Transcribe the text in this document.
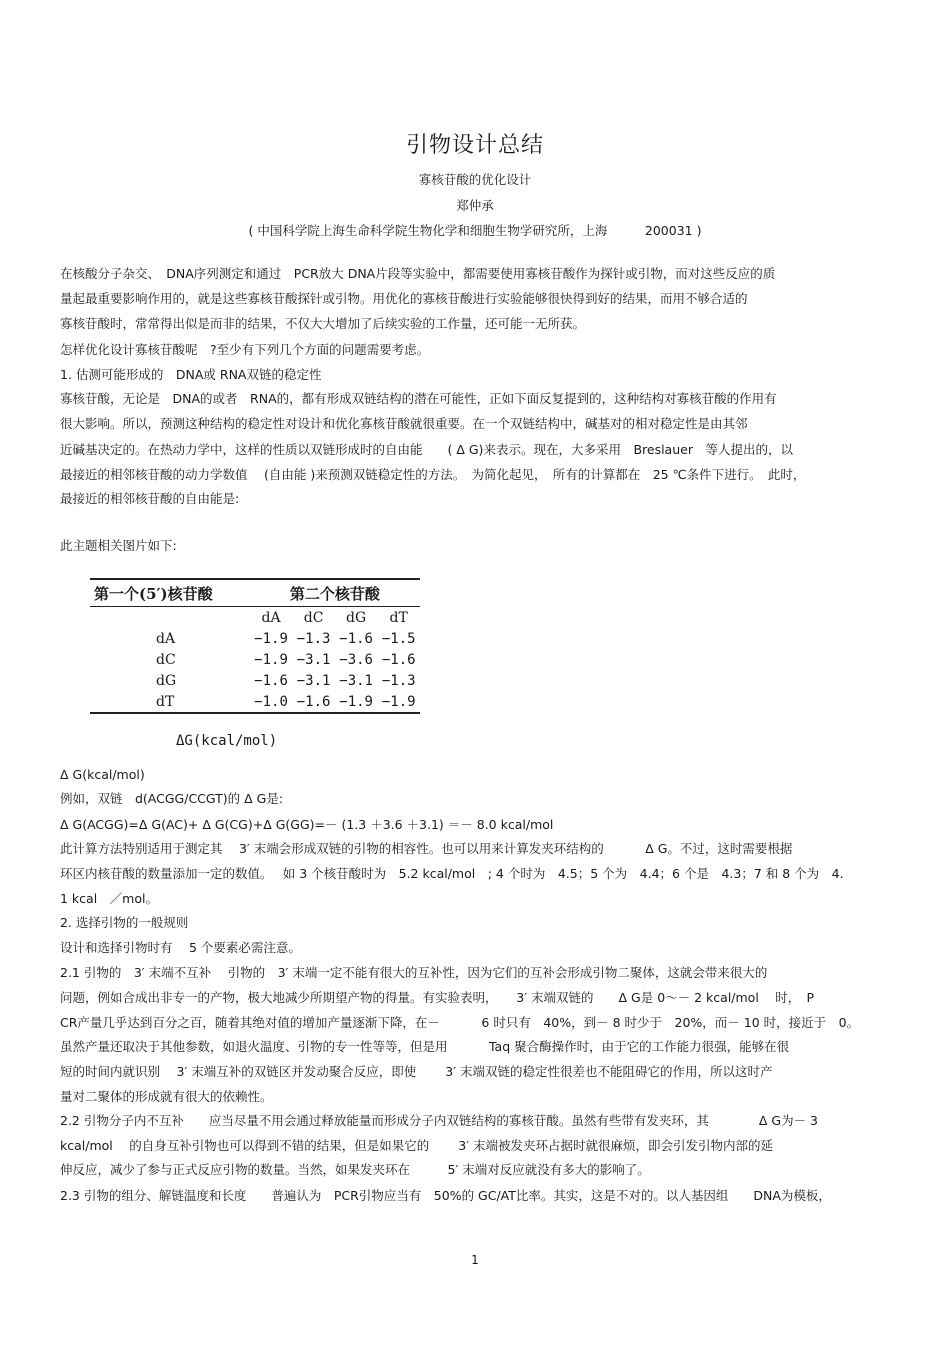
引物设计总结
寡核苷酸的优化设计
郑仲承
( 中国科学院上海生命科学院生物化学和细胞生物学研究所，上海　　　200031 )
在核酸分子杂交、　DNA序列测定和通过　PCR放大 DNA片段等实验中，都需要使用寡核苷酸作为探针或引物，而对这些反应的质
量起最重要影响作用的，就是这些寡核苷酸探针或引物。用优化的寡核苷酸进行实验能够很快得到好的结果，而用不够合适的
寡核苷酸时，常常得出似是而非的结果，不仅大大增加了后续实验的工作量，还可能一无所获。
怎样优化设计寡核苷酸呢　?至少有下列几个方面的问题需要考虑。
1. 估测可能形成的　DNA或 RNA双链的稳定性
寡核苷酸，无论是　DNA的或者　RNA的，都有形成双链结构的潜在可能性，正如下面反复提到的，这种结构对寡核苷酸的作用有
很大影响。所以，预测这种结构的稳定性对设计和优化寡核苷酸就很重要。在一个双链结构中，碱基对的相对稳定性是由其邻
近碱基决定的。在热动力学中，这样的性质以双链形成时的自由能　　( Δ G)来表示。现在，大多采用　Breslauer　等人提出的，以
最接近的相邻核苷酸的动力学数值　 (自由能 )来预测双链稳定性的方法。　为简化起见，　所有的计算都在　25 ℃条件下进行。　此时，
最接近的相邻核苷酸的自由能是:
此主题相关图片如下:
第一个(5′)核苷酸	第二个核苷酸			
	dA	dC	dG	dT
dA	−1.9	−1.3	−1.6	−1.5
dC	−1.9	−3.1	−3.6	−1.6
dG	−1.6	−3.1	−3.1	−1.3
dT	−1.0	−1.6	−1.9	−1.9
ΔG(kcal/mol)
Δ G(kcal/mol)
例如，双链　d(ACGG/CCGT)的 Δ G是:
Δ G(ACGG)=Δ G(AC)+ Δ G(CG)+Δ G(GG)=－ (1.3 ＋3.6 ＋3.1) ＝－ 8.0 kcal/mol
此计算方法特别适用于测定其　 3′ 末端会形成双链的引物的相容性。也可以用来计算发夹环结构的　　　 Δ G。不过，这时需要根据
环区内核苷酸的数量添加一定的数值。　 如 3 个核苷酸时为　5.2 kcal/mol　; 4 个时为　4.5；5 个为　4.4；6 个是　4.3；7 和 8 个为　4.
1 kcal　／mol。
2. 选择引物的一般规则
设计和选择引物时有　 5 个要素必需注意。
2.1 引物的　3′ 末端不互补　 引物的　3′ 末端一定不能有很大的互补性，因为它们的互补会形成引物二聚体，这就会带来很大的
问题，例如合成出非专一的产物，极大地减少所期望产物的得量。有实验表明，　　3′ 末端双链的　　Δ G是 0～－ 2 kcal/mol　 时，　P
CR产量几乎达到百分之百，随着其绝对值的增加产量逐渐下降，在－　　　 6 时只有　40%，到－ 8 时少于　20%，而－ 10 时，接近于　0。
虽然产量还取决于其他参数，如退火温度、引物的专一性等等，但是用　　　 Taq 聚合酶操作时，由于它的工作能力很强，能够在很
短的时间内就识别　 3′ 末端互补的双链区并发动聚合反应，即使　　 3′ 末端双链的稳定性很差也不能阻碍它的作用，所以这时产
量对二聚体的形成就有很大的依赖性。
2.2 引物分子内不互补　　应当尽量不用会通过释放能量而形成分子内双链结构的寡核苷酸。虽然有些带有发夹环，其　　　　Δ G为－ 3
kcal/mol　 的自身互补引物也可以得到不错的结果，但是如果它的　　 3′ 末端被发夹环占据时就很麻烦，即会引发引物内部的延
伸反应，减少了参与正式反应引物的数量。当然，如果发夹环在　　　5′ 末端对反应就没有多大的影响了。
2.3 引物的组分、解链温度和长度　　普遍认为　PCR引物应当有　50%的 GC/AT比率。其实，这是不对的。以人基因组　　DNA为模板，
1
